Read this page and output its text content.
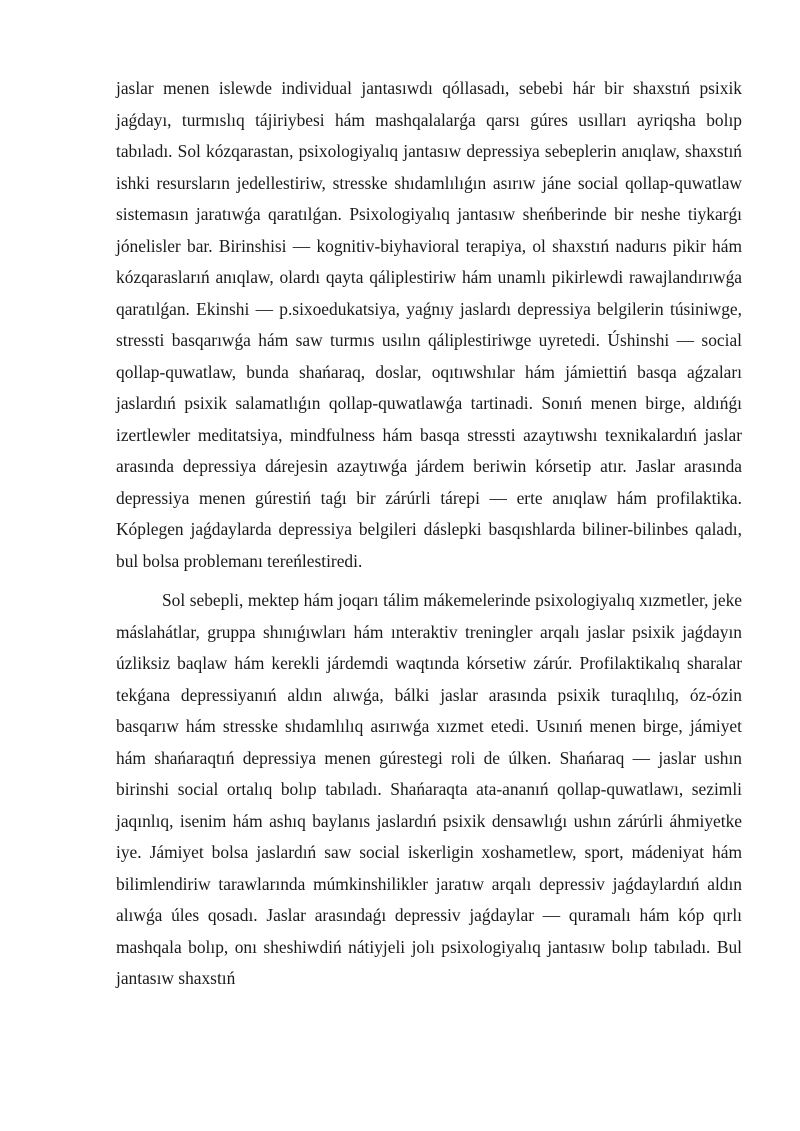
jaslar menen islewde individual jantasıwdı qóllasadı, sebebi hár bir shaxstıń psixik jaǵdayı, turmıslıq tájiriybesi hám mashqalalarǵa qarsı gúres usılları ayriqsha bolıp tabıladı. Sol kózqarastan, psixologiyalıq jantasıw depressiya sebeplerin anıqlaw, shaxstıń ishki resursların jedellestiriw, stresske shıdamlılıǵın asırıw jáne social qollap-quwatlaw sistemasın jaratıwǵa qaratılǵan. Psixologiyalıq jantasıw sheńberinde bir neshe tiykarǵı jónelisler bar. Birinshisi — kognitiv-biyhavioral terapiya, ol shaxstıń nadurıs pikir hám kózqaraslarıń anıqlaw, olardı qayta qáliplestiriw hám unamlı pikirlewdi rawajlandırıwǵa qaratılǵan. Ekinshi — p.sixoedukatsiya, yaǵnıy jaslardı depressiya belgilerin túsiniwge, stressti basqarıwǵa hám saw turmıs usılın qáliplestiriwge uyretedi. Úshinshi — social qollap-quwatlaw, bunda shańaraq, doslar, oqıtıwshılar hám jámiettiń basqa aǵzaları jaslardıń psixik salamatlıǵın qollap-quwatlawǵa tartinadi. Sonıń menen birge, aldıńǵı izertlewler meditatsiya, mindfulness hám basqa stressti azaytıwshı texnikalardıń jaslar arasında depressiya dárejesin azaytıwǵa járdem beriwin kórsetip atır. Jaslar arasında depressiya menen gúrestiń taǵı bir zárúrli tárepi — erte anıqlaw hám profilaktika. Kóplegen jaǵdaylarda depressiya belgileri dáslepki basqıshlarda biliner-bilinbes qaladı, bul bolsa problemanı tereńlestiredi.

Sol sebepli, mektep hám joqarı tálim mákemelerinde psixologiyalıq xızmetler, jeke máslahátlar, gruppa shınıǵıwları hám ınteraktiv treningler arqalı jaslar psixik jaǵdayın úzliksiz baqlaw hám kerekli járdemdi waqtında kórsetiw zárúr. Profilaktikalıq sharalar tekǵana depressiyanıń aldın alıwǵa, bálki jaslar arasında psixik turaqlılıq, óz-ózin basqarıw hám stresske shıdamlılıq asırıwǵa xızmet etedi. Usınıń menen birge, jámiyet hám shańaraqtıń depressiya menen gúrestegi roli de úlken. Shańaraq — jaslar ushın birinshi social ortalıq bolıp tabıladı. Shańaraqta ata-ananıń qollap-quwatlawı, sezimli jaqınlıq, isenim hám ashıq baylanıs jaslardıń psixik densawlıǵı ushın zárúrli áhmiyetke iye. Jámiyet bolsa jaslardıń saw social iskerligin xoshametlew, sport, mádeniyat hám bilimlendiriw tarawlarında múmkinshilikler jaratıw arqalı depressiv jaǵdaylardıń aldın alıwǵa úles qosadı. Jaslar arasındaǵı depressiv jaǵdaylar — quramalı hám kóp qırlı mashqala bolıp, onı sheshiwdiń nátiyjeli jolı psixologiyalıq jantasıw bolıp tabıladı. Bul jantasıw shaxstıń
